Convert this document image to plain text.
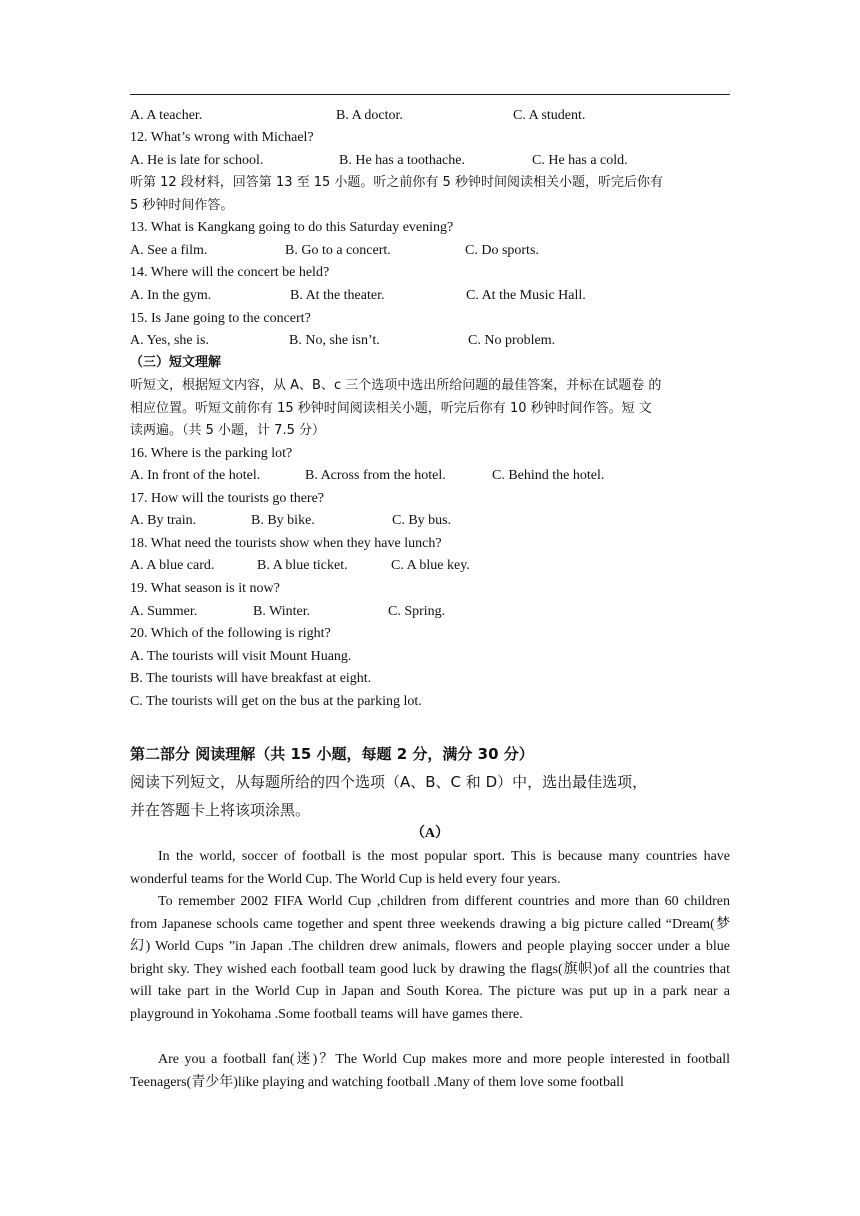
A. A teacher.	B. A doctor.	C. A student.
12. What’s wrong with Michael?
A. He is late for school.	B. He has a toothache.	C. He has a cold.
听第 12 段材料，回答第 13 至 15 小题。听之前你有 5 秒钟时间阅读相关小题，听完后你有
5 秒钟时间作答。
13. What is Kangkang going to do this Saturday evening?
A. See a film.	B. Go to a concert.	C. Do sports.
14. Where will the concert be held?
A. In the gym.	B. At the theater.	C. At the Music Hall.
15. Is Jane going to the concert?
A. Yes, she is.	B. No, she isn’t.	C. No problem.
（三）短文理解
听短文，根据短文内容，从 A、B、c 三个选项中选出所给问题的最佳答案，并标在试题卷 的
相应位置。听短文前你有 15 秒钟时间阅读相关小题，听完后你有 10 秒钟时间作答。短 文
读两遍。（共 5 小题，计 7.5 分）
16. Where is the parking lot?
A. In front of the hotel.	B. Across from the hotel.	C. Behind the hotel.
17. How will the tourists go there?
A. By train.	B. By bike.	C. By bus.
18. What need the tourists show when they have lunch?
A. A blue card.	B. A blue ticket.	C. A blue key.
19. What season is it now?
A. Summer.	B. Winter.	C. Spring.
20. Which of the following is right?
A. The tourists will visit Mount Huang.
B. The tourists will have breakfast at eight.
C. The tourists will get on the bus at the parking lot.
第二部分 阅读理解（共 15 小题，每题 2 分，满分 30 分）
阅读下列短文，从每题所给的四个选项（A、B、C 和 D）中，选出最佳选项，
并在答题卡上将该项涂黑。
（A）
In the world, soccer of football is the most popular sport. This is because many countries have wonderful teams for the World Cup. The World Cup is held every four years.
To remember 2002 FIFA World Cup ,children from different countries and more than 60 children from Japanese schools came together and spent three weekends drawing a big picture called “Dream(梦幻) World Cups ”in Japan .The children drew animals, flowers and people playing soccer under a blue bright sky. They wished each football team good luck by drawing the flags(旗帜)of all the countries that will take part in the World Cup in Japan and South Korea. The picture was put up in a park near a playground in Yokohama .Some football teams will have games there.
Are you a football fan(迷)？The World Cup makes more and more people interested in football Teenagers(青少年)like playing and watching football .Many of them love some football
